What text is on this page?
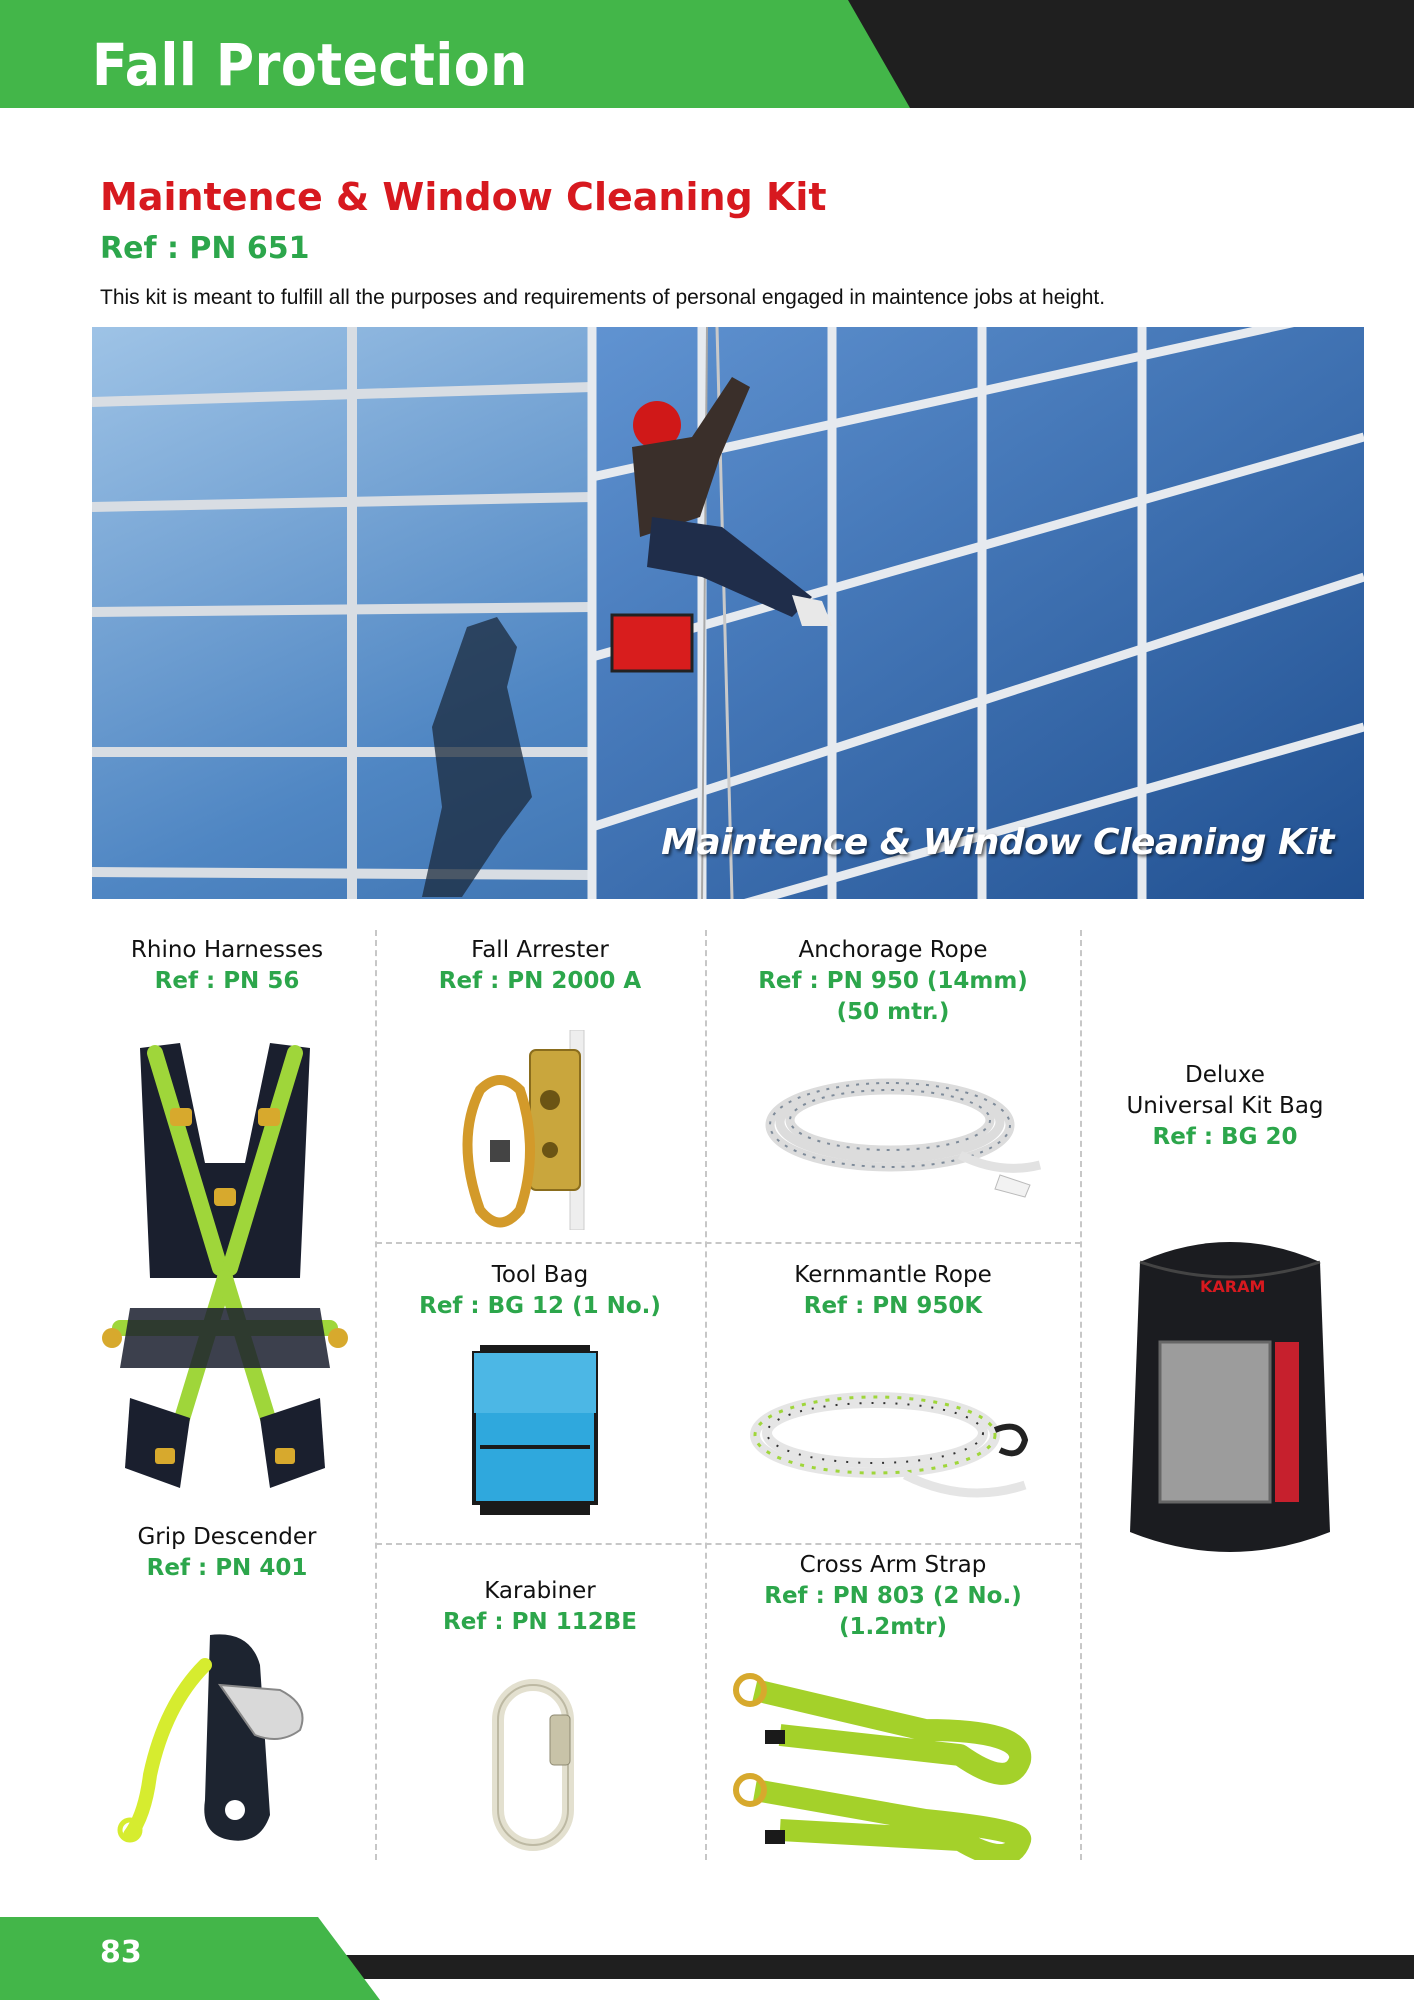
Fall Protection
Maintence & Window Cleaning Kit
Ref : PN 651
This kit is meant to fulfill all the purposes and requirements of personal engaged in maintence jobs at height.
Maintence & Window Cleaning Kit
Rhino Harnesses
Ref : PN 56
Fall Arrester
Ref : PN 2000 A
Anchorage Rope
Ref : PN 950 (14mm)
(50 mtr.)
Deluxe
Universal Kit Bag
Ref : BG 20
KARAM
Tool Bag
Ref : BG 12 (1 No.)
Kernmantle Rope
Ref : PN 950K
Grip Descender
Ref : PN 401
Karabiner
Ref : PN 112BE
Cross Arm Strap
Ref : PN 803 (2 No.)
(1.2mtr)
83
